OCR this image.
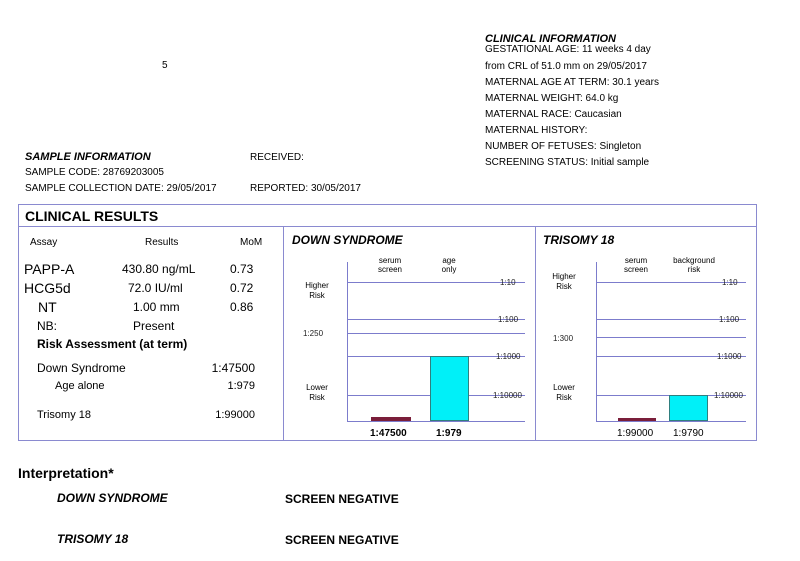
5
CLINICAL INFORMATION
GESTATIONAL AGE: 11 weeks 4 day
from CRL of 51.0 mm on 29/05/2017
MATERNAL AGE AT TERM: 30.1 years
MATERNAL WEIGHT: 64.0 kg
MATERNAL RACE: Caucasian
MATERNAL HISTORY:
NUMBER OF FETUSES: Singleton
SCREENING STATUS: Initial sample
SAMPLE INFORMATION	RECEIVED:
SAMPLE CODE: 28769203005
SAMPLE COLLECTION DATE: 29/05/2017	REPORTED: 30/05/2017
CLINICAL RESULTS
Assay	Results	MoM
PAPP-A	430.80 ng/mL	0.73
HCG5d	72.0 IU/ml	0.72
NT	1.00 mm	0.86
NB:	Present
Risk Assessment (at term)
Down Syndrome	1:47500
Age alone	1:979
Trisomy 18	1:99000
DOWN SYNDROME
serum
screen
age
only
Higher
Risk
Lower
Risk
1:250
1:10
1:100
1:1000
1:10000
1:47500	1:979
TRISOMY 18
serum
screen
background
risk
Higher
Risk
Lower
Risk
1:300
1:10
1:100
1:1000
1:10000
1:99000 1:9790
Interpretation*
DOWN SYNDROME	SCREEN NEGATIVE
TRISOMY 18	SCREEN NEGATIVE
